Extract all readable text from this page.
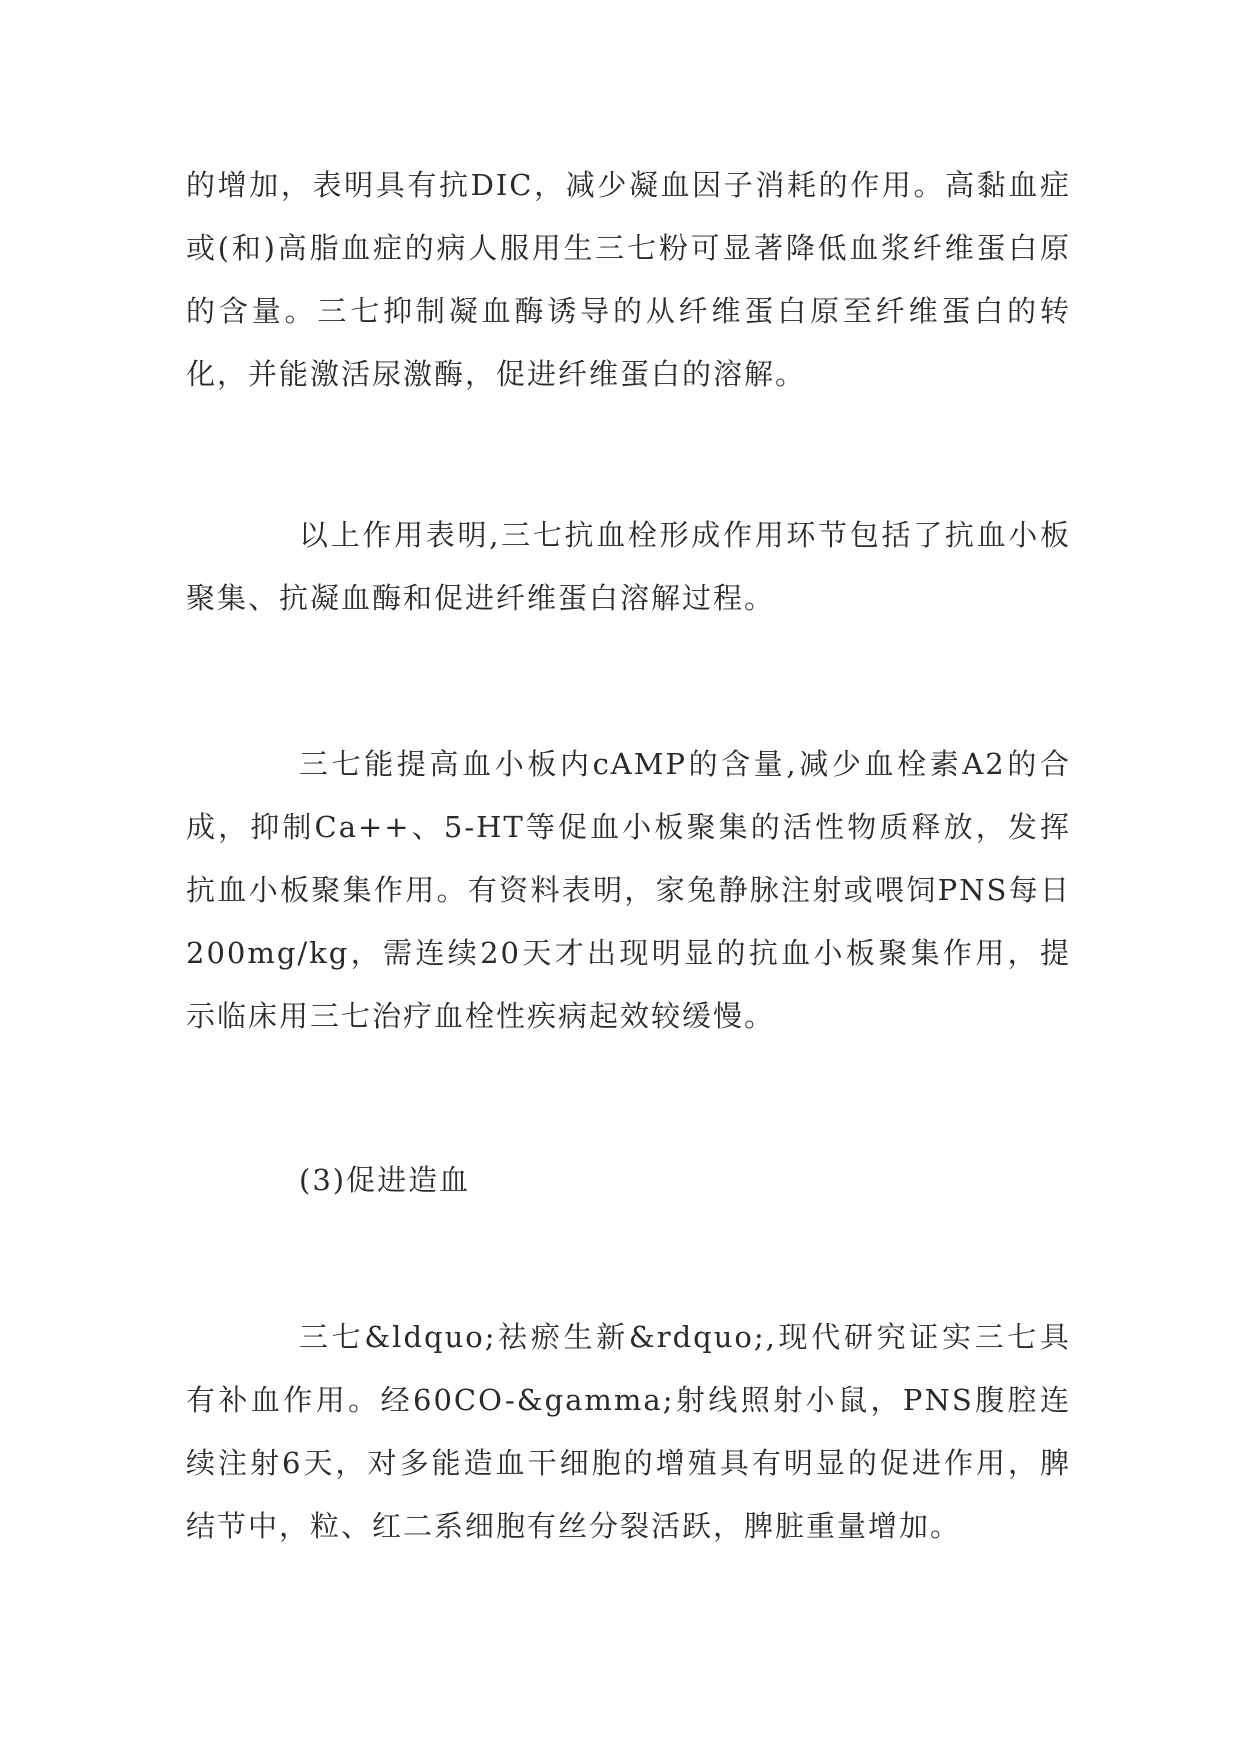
的增加，表明具有抗DIC，减少凝血因子消耗的作用。高黏血症或(和)高脂血症的病人服用生三七粉可显著降低血浆纤维蛋白原的含量。三七抑制凝血酶诱导的从纤维蛋白原至纤维蛋白的转化，并能激活尿激酶，促进纤维蛋白的溶解。

以上作用表明,三七抗血栓形成作用环节包括了抗血小板聚集、抗凝血酶和促进纤维蛋白溶解过程。

三七能提高血小板内cAMP的含量,减少血栓素A2的合成，抑制Ca++、5-HT等促血小板聚集的活性物质释放，发挥抗血小板聚集作用。有资料表明，家兔静脉注射或喂饲PNS每日200mg/kg，需连续20天才出现明显的抗血小板聚集作用，提示临床用三七治疗血栓性疾病起效较缓慢。

(3)促进造血

三七&ldquo;祛瘀生新&rdquo;,现代研究证实三七具有补血作用。经60CO-&gamma;射线照射小鼠，PNS腹腔连续注射6天，对多能造血干细胞的增殖具有明显的促进作用，脾结节中，粒、红二系细胞有丝分裂活跃，脾脏重量增加。
